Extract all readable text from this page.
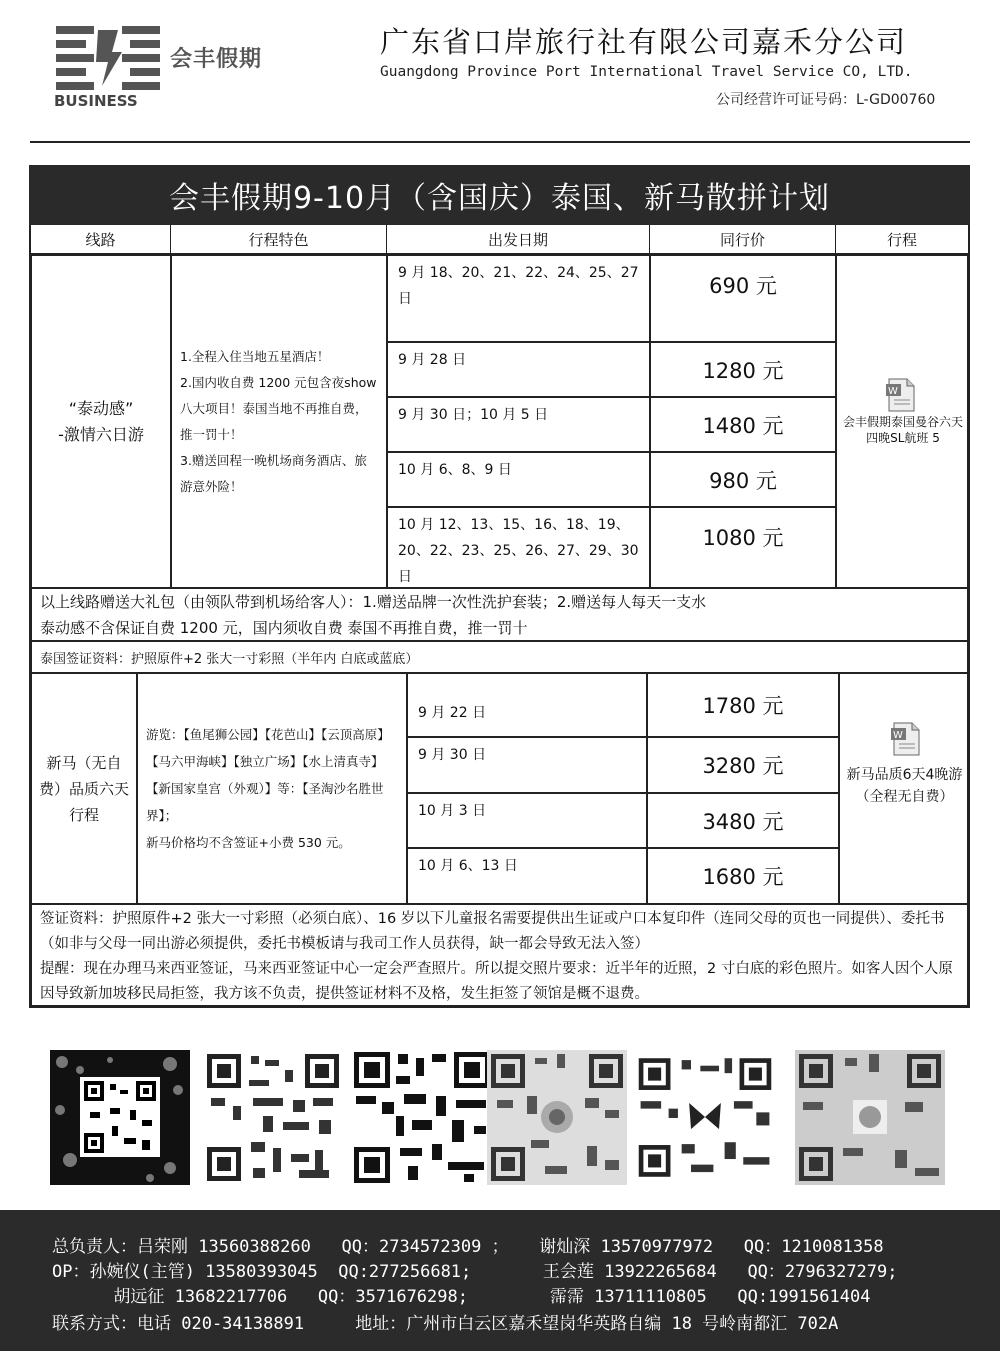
BUSINESS
会丰假期
广东省口岸旅行社有限公司嘉禾分公司
Guangdong Province Port International Travel Service CO, LTD.
公司经营许可证号码：L-GD00760
会丰假期9-10月（含国庆）泰国、新马散拼计划
线路	行程特色	出发日期	同行价	行程
“泰动感”
-激情六日游
1.全程入住当地五星酒店！
2.国内收自费 1200 元包含夜show 八大项目！泰国当地不再推自费，推一罚十！
3.赠送回程一晚机场商务酒店、旅游意外险！
9 月 18、20、21、22、24、25、27 日
690 元
9 月 28 日	1280 元
9 月 30 日；10 月 5 日	1480 元
10 月 6、8、9 日	980 元
10 月 12、13、15、16、18、19、20、22、23、25、26、27、29、30 日
1080 元
W
会丰假期泰国曼谷六天四晚SL航班 5
以上线路赠送大礼包（由领队带到机场给客人）：1.赠送品牌一次性洗护套装；2.赠送每人每天一支水
泰动感不含保证自费 1200 元，国内须收自费 泰国不再推自费，推一罚十
泰国签证资料：护照原件+2 张大一寸彩照（半年内 白底或蓝底）
新马（无自费）品质六天行程
游览：【鱼尾狮公园】【花芭山】【云顶高原】【马六甲海峡】【独立广场】【水上清真寺】【新国家皇宫（外观）】等：【圣淘沙名胜世界】；
新马价格均不含签证+小费 530 元。
9 月 22 日	1780 元
9 月 30 日	3280 元
10 月 3 日	3480 元
10 月 6、13 日	1680 元
W
新马品质6天4晚游（全程无自费）
签证资料：护照原件+2 张大一寸彩照（必须白底）、16 岁以下儿童报名需要提供出生证或户口本复印件（连同父母的页也一同提供）、委托书（如非与父母一同出游必须提供，委托书模板请与我司工作人员获得，缺一都会导致无法入签）
提醒：现在办理马来西亚签证，马来西亚签证中心一定会严查照片。所以提交照片要求：近半年的近照，2 寸白底的彩色照片。如客人因个人原因导致新加坡移民局拒签，我方该不负责，提供签证材料不及格，发生拒签了领馆是概不退费。
总负责人：吕荣刚 13560388260   QQ：2734572309 ；   谢灿深 13570977972   QQ：1210081358
OP：孙婉仪(主管) 13580393045  QQ:277256681;       王会莲 13922265684   QQ：2796327279;
胡远征 13682217706   QQ：3571676298;        霈霈 13711110805   QQ:1991561404
联系方式：电话 020-34138891     地址：广州市白云区嘉禾望岗华英路自编 18 号岭南都汇 702A
